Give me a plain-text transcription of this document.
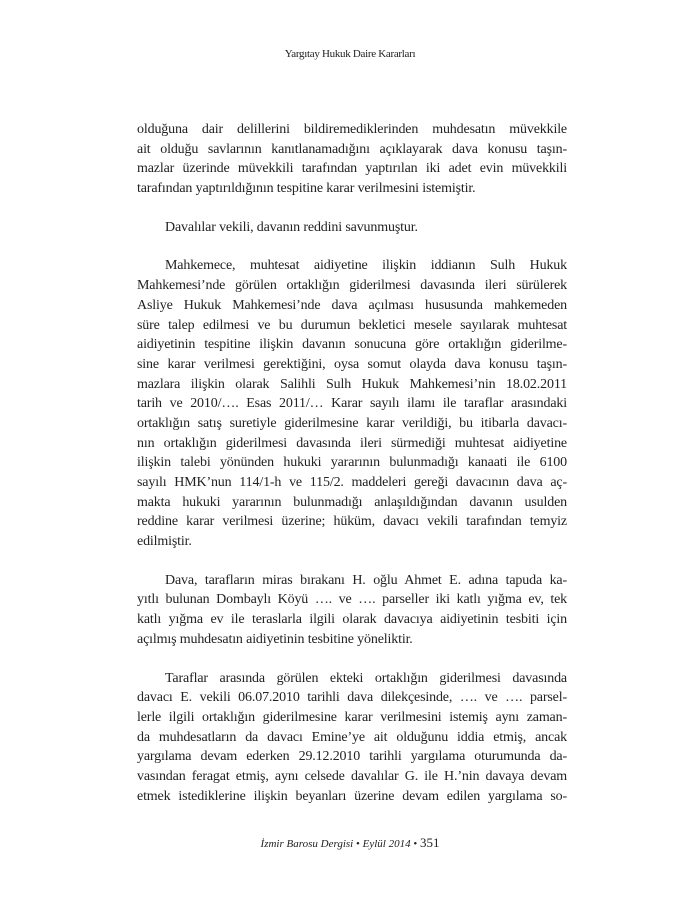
Yargıtay Hukuk Daire Kararları
olduğuna dair delillerini bildiremediklerinden muhdesatın müvekkile
ait olduğu savlarının kanıtlanamadığını açıklayarak dava konusu taşın-
mazlar üzerinde müvekkili tarafından yaptırılan iki adet evin müvekkili
tarafından yaptırıldığının tespitine karar verilmesini istemiştir.
Davalılar vekili, davanın reddini savunmuştur.
Mahkemece, muhtesat aidiyetine ilişkin iddianın Sulh Hukuk
Mahkemesi’nde görülen ortaklığın giderilmesi davasında ileri sürülerek
Asliye Hukuk Mahkemesi’nde dava açılması hususunda mahkemeden
süre talep edilmesi ve bu durumun bekletici mesele sayılarak muhtesat
aidiyetinin tespitine ilişkin davanın sonucuna göre ortaklığın giderilme-
sine karar verilmesi gerektiğini, oysa somut olayda dava konusu taşın-
mazlara ilişkin olarak Salihli Sulh Hukuk Mahkemesi’nin 18.02.2011
tarih ve 2010/…. Esas 2011/… Karar sayılı ilamı ile taraflar arasındaki
ortaklığın satış suretiyle giderilmesine karar verildiği, bu itibarla davacı-
nın ortaklığın giderilmesi davasında ileri sürmediği muhtesat aidiyetine
ilişkin talebi yönünden hukuki yararının bulunmadığı kanaati ile 6100
sayılı HMK’nun 114/1-h ve 115/2. maddeleri gereği davacının dava aç-
makta hukuki yararının bulunmadığı anlaşıldığından davanın usulden
reddine karar verilmesi üzerine; hüküm, davacı vekili tarafından temyiz
edilmiştir.
Dava, tarafların miras bırakanı H. oğlu Ahmet E. adına tapuda ka-
yıtlı bulunan Dombaylı Köyü …. ve …. parseller iki katlı yığma ev, tek
katlı yığma ev ile teraslarla ilgili olarak davacıya aidiyetinin tesbiti için
açılmış muhdesatın aidiyetinin tesbitine yöneliktir.
Taraflar arasında görülen ekteki ortaklığın giderilmesi davasında
davacı E. vekili 06.07.2010 tarihli dava dilekçesinde, …. ve …. parsel-
lerle ilgili ortaklığın giderilmesine karar verilmesini istemiş aynı zaman-
da muhdesatların da davacı Emine’ye ait olduğunu iddia etmiş, ancak
yargılama devam ederken 29.12.2010 tarihli yargılama oturumunda da-
vasından feragat etmiş, aynı celsede davalılar G. ile H.’nin davaya devam
etmek istediklerine ilişkin beyanları üzerine devam edilen yargılama so-
İzmir Barosu Dergisi • Eylül 2014 • 351
